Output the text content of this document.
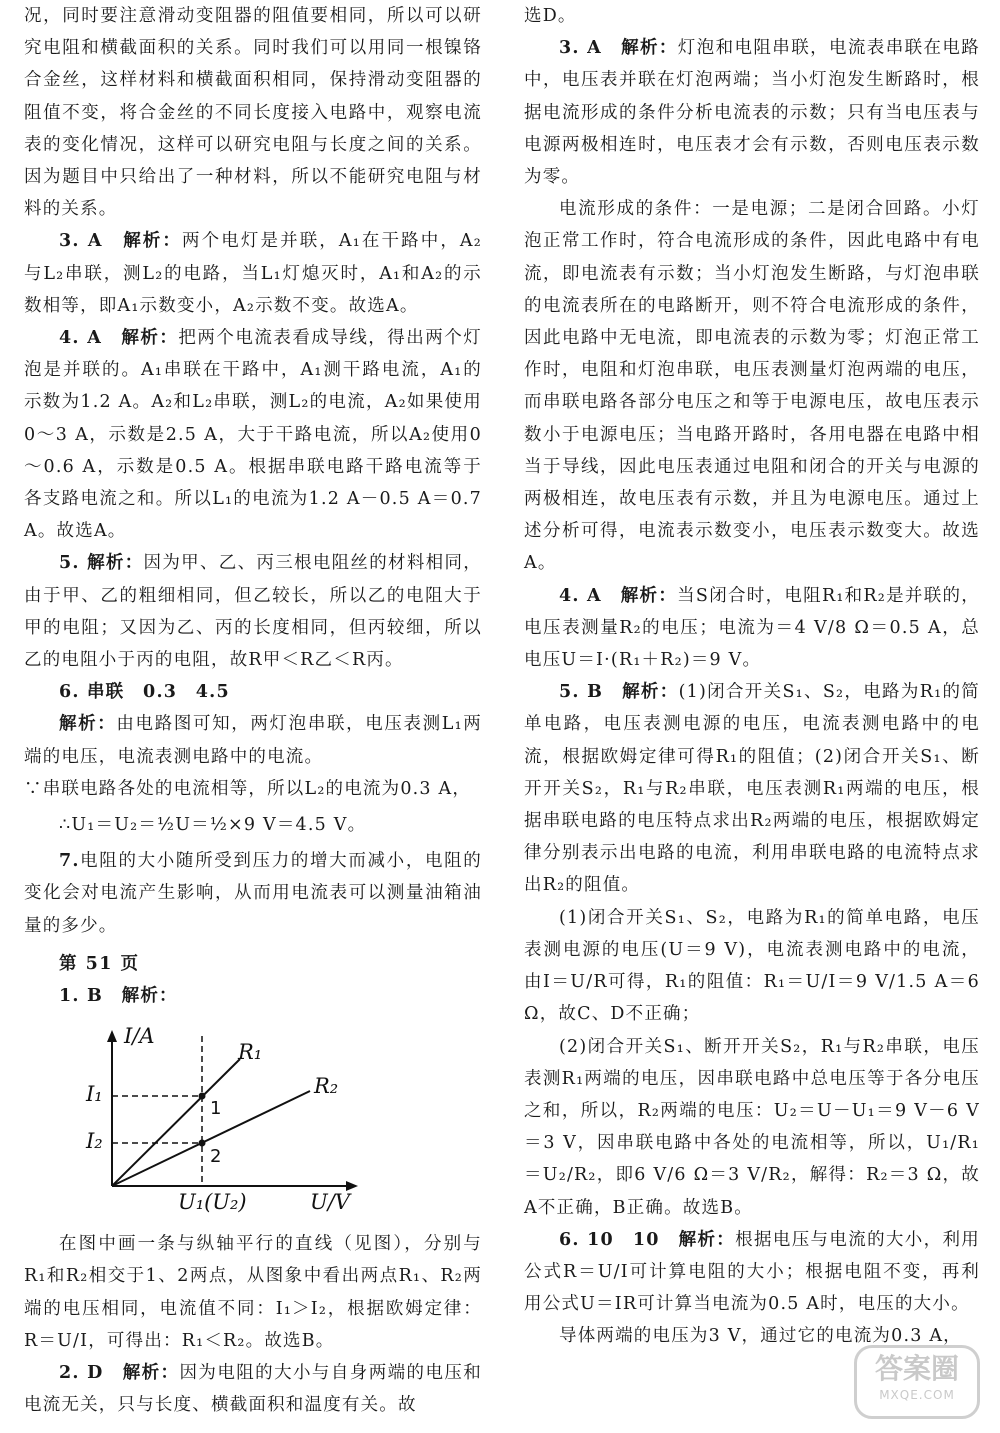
况，同时要注意滑动变阻器的阻值要相同，所以可以研究电阻和横截面积的关系。同时我们可以用同一根镍铬合金丝，这样材料和横截面积相同，保持滑动变阻器的阻值不变，将合金丝的不同长度接入电路中，观察电流表的变化情况，这样可以研究电阻与长度之间的关系。因为题目中只给出了一种材料，所以不能研究电阻与材料的关系。

3. A　 解析：两个电灯是并联，A₁在干路中，A₂与L₂串联，测L₂的电路，当L₁灯熄灭时，A₁和A₂的示数相等，即A₁示数变小，A₂示数不变。故选A。

4. A　 解析：把两个电流表看成导线，得出两个灯泡是并联的。A₁串联在干路中，A₁测干路电流，A₁的示数为1.2 A。A₂和L₂串联，测L₂的电流，A₂如果使用0～3 A，示数是2.5 A，大于干路电流，所以A₂使用0～0.6 A，示数是0.5 A。根据串联电路干路电流等于各支路电流之和。所以L₁的电流为1.2 A－0.5 A＝0.7 A。故选A。

5. 解析：因为甲、乙、丙三根电阻丝的材料相同，由于甲、乙的粗细相同，但乙较长，所以乙的电阻大于甲的电阻；又因为乙、丙的长度相同，但丙较细，所以乙的电阻小于丙的电阻，故R甲＜R乙＜R丙。

6. 串联　0.3　4.5

解析：由电路图可知，两灯泡串联，电压表测L₁两端的电压，电流表测电路中的电流。

∵串联电路各处的电流相等，所以L₂的电流为0.3 A，

∴U₁＝U₂＝½U＝½×9 V＝4.5 V。

7.电阻的大小随所受到压力的增大而减小，电阻的变化会对电流产生影响，从而用电流表可以测量油箱油量的多少。

第 51 页

1. B　解析：

I/A
U/V
I₁
I₂
U₁(U₂)
R₁
R₂
1
2

在图中画一条与纵轴平行的直线（见图），分别与R₁和R₂相交于1、2两点，从图象中看出两点R₁、R₂两端的电压相同，电流值不同：I₁＞I₂，根据欧姆定律：R＝U/I，可得出：R₁＜R₂。故选B。

2. D　 解析：因为电阻的大小与自身两端的电压和电流无关，只与长度、横截面积和温度有关。故

选D。

3. A　 解析：灯泡和电阻串联，电流表串联在电路中，电压表并联在灯泡两端；当小灯泡发生断路时，根据电流形成的条件分析电流表的示数；只有当电压表与电源两极相连时，电压表才会有示数，否则电压表示数为零。

电流形成的条件：一是电源；二是闭合回路。小灯泡正常工作时，符合电流形成的条件，因此电路中有电流，即电流表有示数；当小灯泡发生断路，与灯泡串联的电流表所在的电路断开，则不符合电流形成的条件，因此电路中无电流，即电流表的示数为零；灯泡正常工作时，电阻和灯泡串联，电压表测量灯泡两端的电压，而串联电路各部分电压之和等于电源电压，故电压表示数小于电源电压；当电路开路时，各用电器在电路中相当于导线，因此电压表通过电阻和闭合的开关与电源的两极相连，故电压表有示数，并且为电源电压。通过上述分析可得，电流表示数变小，电压表示数变大。故选A。

4. A　 解析：当S闭合时，电阻R₁和R₂是并联的，电压表测量R₂的电压；电流为＝4 V/8 Ω＝0.5 A，总电压U＝I·(R₁＋R₂)＝9 V。

5. B　 解析：(1)闭合开关S₁、S₂，电路为R₁的简单电路，电压表测电源的电压，电流表测电路中的电流，根据欧姆定律可得R₁的阻值；(2)闭合开关S₁、断开开关S₂，R₁与R₂串联，电压表测R₁两端的电压，根据串联电路的电压特点求出R₂两端的电压，根据欧姆定律分别表示出电路的电流，利用串联电路的电流特点求出R₂的阻值。

(1)闭合开关S₁、S₂，电路为R₁的简单电路，电压表测电源的电压(U＝9 V)，电流表测电路中的电流，由I＝U/R可得，R₁的阻值：R₁＝U/I＝9 V/1.5 A＝6 Ω，故C、D不正确；

(2)闭合开关S₁、断开开关S₂，R₁与R₂串联，电压表测R₁两端的电压，因串联电路中总电压等于各分电压之和，所以，R₂两端的电压：U₂＝U－U₁＝9 V－6 V＝3 V，因串联电路中各处的电流相等，所以，U₁/R₁＝U₂/R₂，即6 V/6 Ω＝3 V/R₂，解得：R₂＝3 Ω，故A不正确，B正确。故选B。

6. 10　10　 解析：根据电压与电流的大小，利用公式R＝U/I可计算电阻的大小；根据电阻不变，再利用公式U＝IR可计算当电流为0.5 A时，电压的大小。

导体两端的电压为3 V，通过它的电流为0.3 A，

答案圈
MXQE.COM
